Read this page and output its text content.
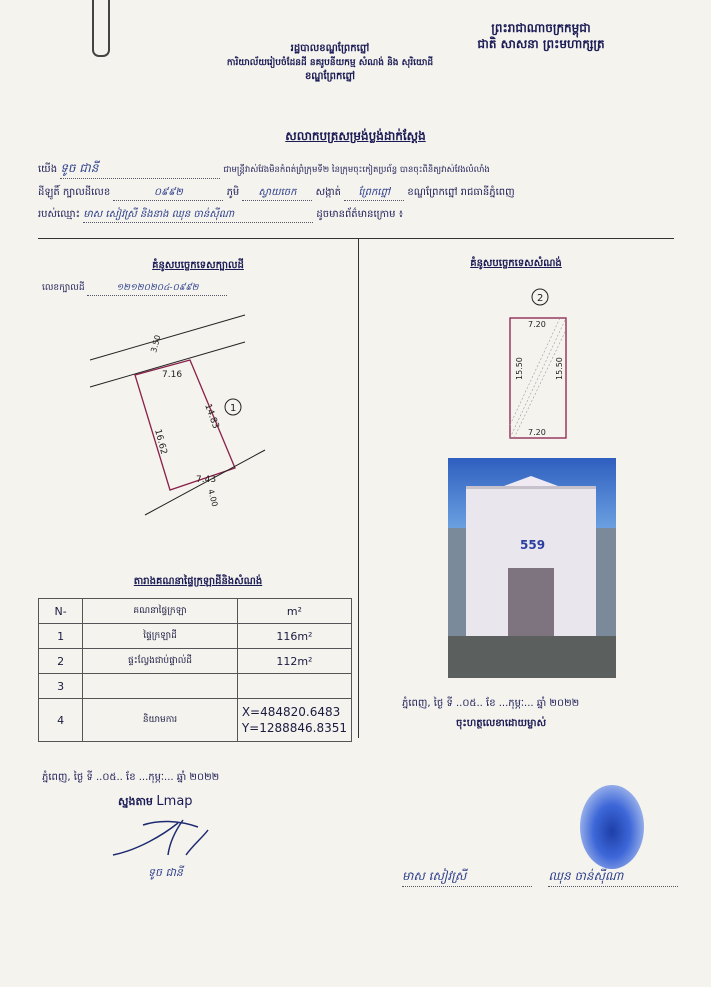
រដ្ឋបាលខណ្ឌព្រែកព្នៅ
ការិយាល័យរៀបចំដែនដី នគរូបនីយកម្ម សំណង់ និង សុរិយោដី
ខណ្ឌព្រែកព្នៅ
ព្រះរាជាណាចក្រកម្ពុជា
ជាតិ សាសនា ព្រះមហាក្សត្រ
សលាកបត្រសម្រង់ប្លង់ដាក់ស្ដែង
យើង ទូច ជានី	ជាមន្ត្រីវាស់វែងមិនកំពត់ព្រំក្រុមទី២ នៃក្រុមចុះកៀតប្រព័ន្ធ បានចុះពិនិត្យវាស់វែងលំលាំង
ដីឡូតិ៍ ក្បាលដីលេខ	០៩៩២	ភូមិ ស្វាយចេក សង្កាត់ ព្រែកព្នៅ ខណ្ឌព្រែកព្នៅ រាជធានីភ្នំពេញ
របស់ឈ្មោះ មាស សៀវស្រី និងនាង ឈុន ចាន់ស៊ីណា	ដូចមានព័ត៌មានក្រោម ៖
គំនូសបច្ចេកទេសក្បាលដី
លេខក្បាលដី	១២១២០២០៤-០៩៩២
7.16
14.83
16.62
7.43
3.50
4.00
1
តារាងគណនាផ្ទៃក្រឡាដីនិងសំណង់
N-	គណនាផ្ទៃក្រឡា	m²
1	ផ្ទៃក្រឡាដី	116m²
2	ផ្ទះល្វែងជាប់ផ្ទាល់ដី	112m²
3		
4	និយាមការ	X=484820.6483
Y=1288846.8351
ភ្នំពេញ, ថ្ងៃ ទី ..០៥.. ខែ ...កុម្ភៈ... ឆ្នាំ ២០២២
ស្នងតាម Lmap
ទូច ជានី
គំនូសបច្ចេកទេសសំណង់
2
7.20
7.20
15.50	15.50
559
ភ្នំពេញ, ថ្ងៃ ទី ..០៥.. ខែ ...កុម្ភៈ... ឆ្នាំ ២០២២
ចុះហត្ថលេខាដោយម្ចាស់
មាស សៀវស្រី	ឈុន ចាន់ស៊ីណា
